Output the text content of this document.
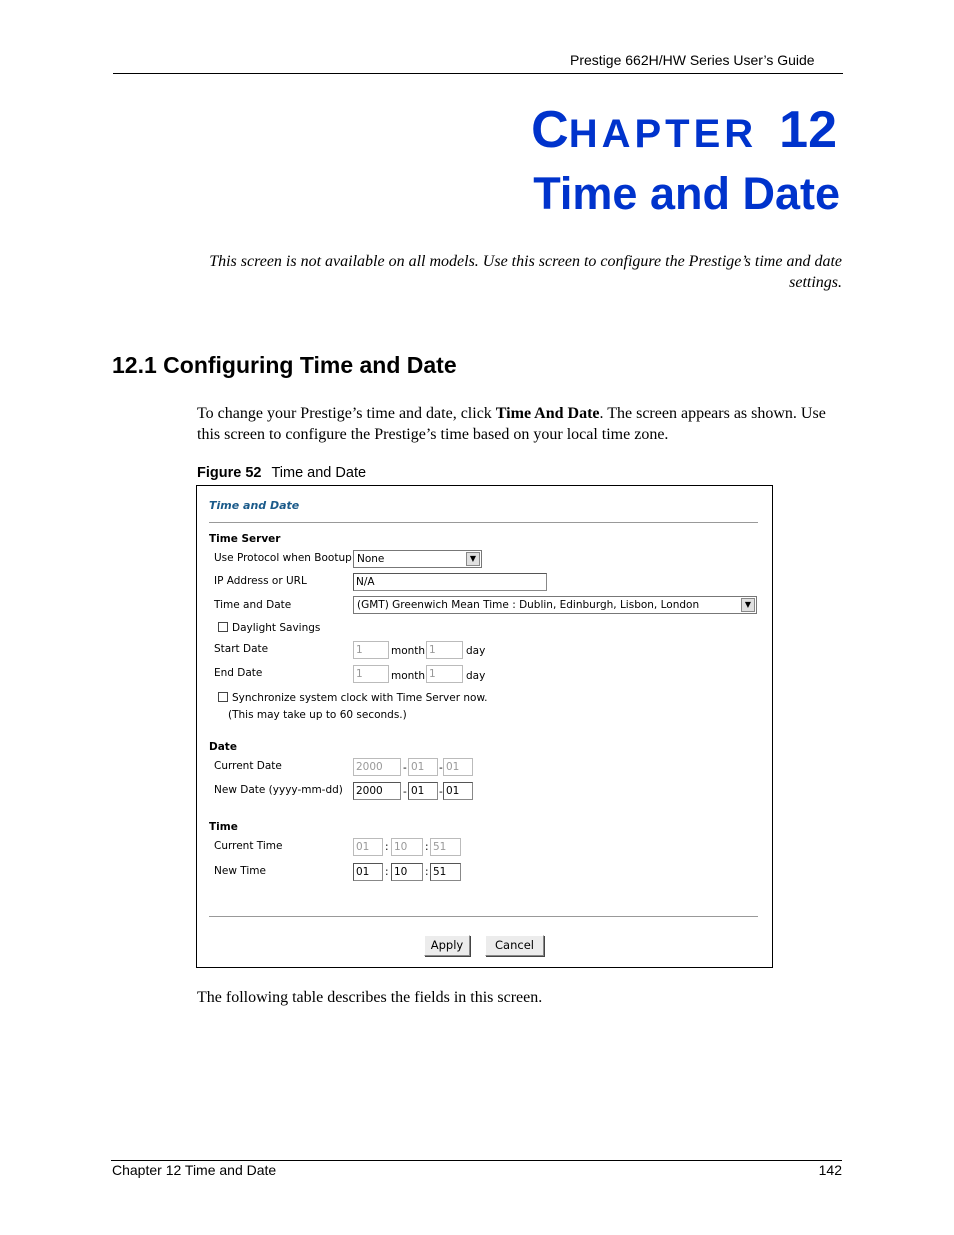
Prestige 662H/HW Series User’s Guide
CHAPTER 12
Time and Date
This screen is not available on all models. Use this screen to configure the Prestige’s time and date settings.
12.1 Configuring Time and Date
To change your Prestige’s time and date, click Time And Date. The screen appears as shown. Use this screen to configure the Prestige’s time based on your local time zone.
Figure 52 Time and Date
Time and Date
Time Server
Use Protocol when Bootup None	▼
IP Address or URL	N/A
Time and Date	(GMT) Greenwich Mean Time : Dublin, Edinburgh, Lisbon, London	▼
Daylight Savings
Start Date	1	month 1	day
End Date	1	month 1	day
Synchronize system clock with Time Server now.
(This may take up to 60 seconds.)
Date
Current Date	2000	- 01	- 01
New Date (yyyy-mm-dd) 2000	- 01	- 01
Time
Current Time	01	: 10	: 51
New Time	01	: 10	: 51
Apply	Cancel
The following table describes the fields in this screen.
Chapter 12 Time and Date	142
